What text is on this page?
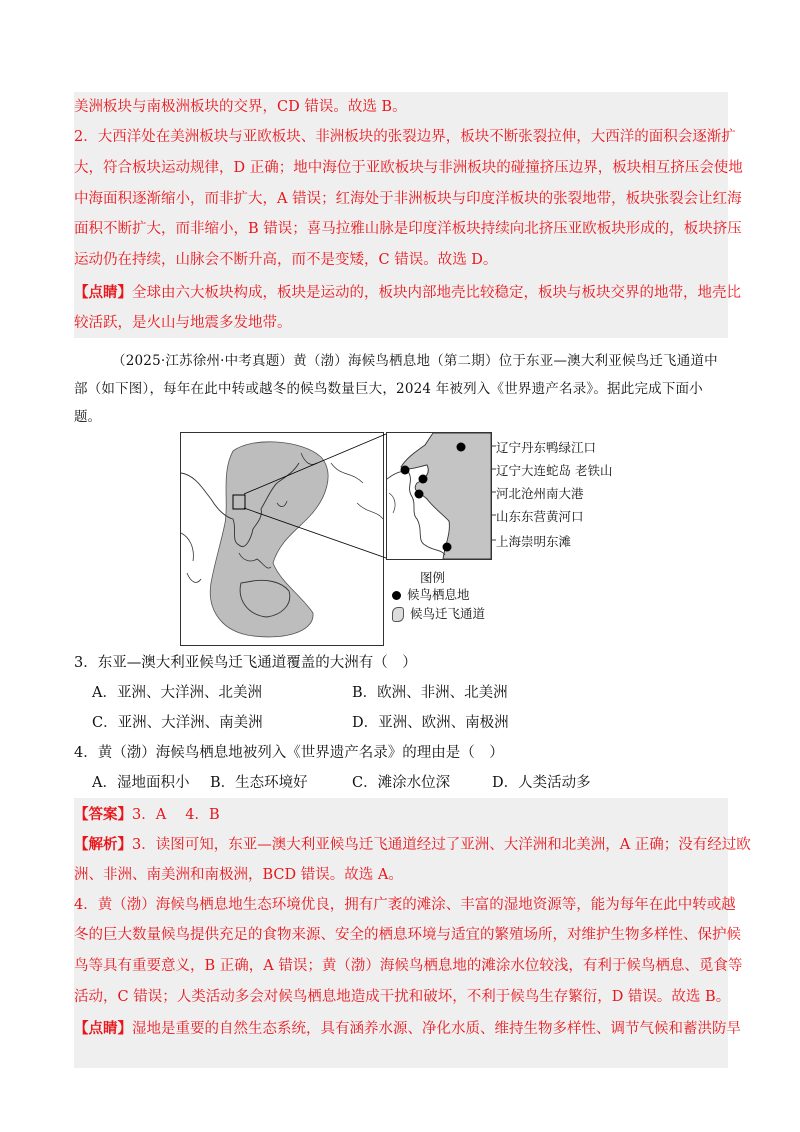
美洲板块与南极洲板块的交界，CD 错误。故选 B。
2．大西洋处在美洲板块与亚欧板块、非洲板块的张裂边界，板块不断张裂拉伸，大西洋的面积会逐渐扩
大，符合板块运动规律，D 正确；地中海位于亚欧板块与非洲板块的碰撞挤压边界，板块相互挤压会使地
中海面积逐渐缩小，而非扩大，A 错误；红海处于非洲板块与印度洋板块的张裂地带，板块张裂会让红海
面积不断扩大，而非缩小，B 错误；喜马拉雅山脉是印度洋板块持续向北挤压亚欧板块形成的，板块挤压
运动仍在持续，山脉会不断升高，而不是变矮，C 错误。故选 D。
【点睛】全球由六大板块构成，板块是运动的，板块内部地壳比较稳定，板块与板块交界的地带，地壳比
较活跃，是火山与地震多发地带。
（2025·江苏徐州·中考真题）黄（渤）海候鸟栖息地（第二期）位于东亚—澳大利亚候鸟迁飞通道中
部（如下图），每年在此中转或越冬的候鸟数量巨大，2024 年被列入《世界遗产名录》。据此完成下面小
题。
辽宁丹东鸭绿江口
辽宁大连蛇岛 老铁山
河北沧州南大港
山东东营黄河口
上海崇明东滩
图例
候鸟栖息地
候鸟迁飞通道
3．东亚—澳大利亚候鸟迁飞通道覆盖的大洲有（　）
A．亚洲、大洋洲、北美洲	B．欧洲、非洲、北美洲
C．亚洲、大洋洲、南美洲	D．亚洲、欧洲、南极洲
4．黄（渤）海候鸟栖息地被列入《世界遗产名录》的理由是（　）
A．湿地面积小 B．生态环境好	C．滩涂水位深	D．人类活动多
【答案】3．A　 4．B
【解析】3．读图可知，东亚—澳大利亚候鸟迁飞通道经过了亚洲、大洋洲和北美洲，A 正确；没有经过欧
洲、非洲、南美洲和南极洲，BCD 错误。故选 A。
4．黄（渤）海候鸟栖息地生态环境优良，拥有广袤的滩涂、丰富的湿地资源等，能为每年在此中转或越
冬的巨大数量候鸟提供充足的食物来源、安全的栖息环境与适宜的繁殖场所，对维护生物多样性、保护候
鸟等具有重要意义，B 正确，A 错误；黄（渤）海候鸟栖息地的滩涂水位较浅，有利于候鸟栖息、觅食等
活动，C 错误；人类活动多会对候鸟栖息地造成干扰和破坏，不利于候鸟生存繁衍，D 错误。故选 B。
【点睛】湿地是重要的自然生态系统，具有涵养水源、净化水质、维持生物多样性、调节气候和蓄洪防旱
